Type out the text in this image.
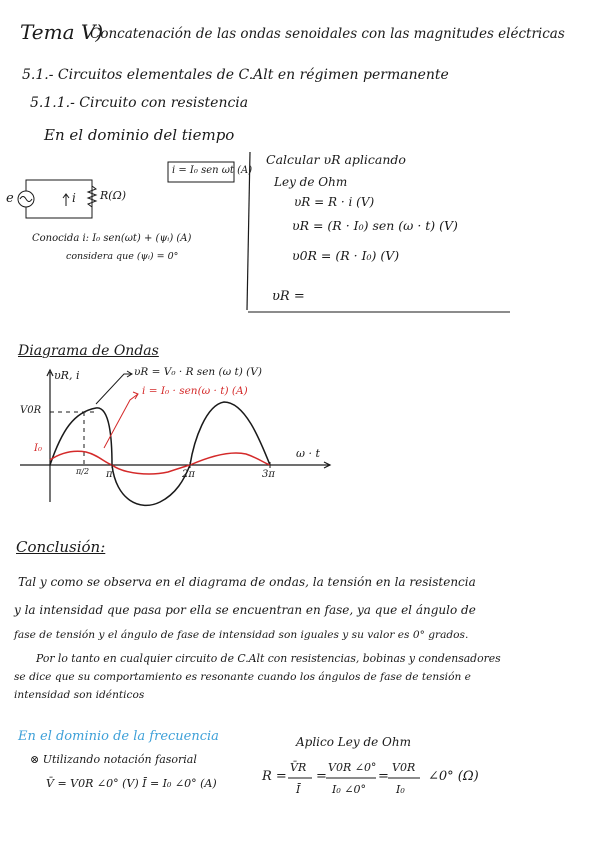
Tema V)
Concatenación de las ondas senoidales con las magnitudes eléctricas
5.1.- Circuitos elementales de C.Alt en régimen permanente
5.1.1.- Circuito con resistencia
En el dominio del tiempo
e	i R(Ω)
i = I₀ sen ωt (A)
Conocida i: I₀ sen(ωt) + (ψᵢ) (A)
considera que (ψᵢ) = 0°
Calcular υR aplicando
Ley de Ohm
υR = R · i (V)
υR = (R · I₀) sen (ω · t) (V)
υ0R = (R · I₀) (V)
υR =
Diagrama de Ondas
υR, i	υR = V₀ · R sen (ω t) (V)
i = I₀ · sen(ω · t) (A)
V0R
I₀	ω · t
π/2 π	2π	3π
Conclusión:
Tal y como se observa en el diagrama de ondas, la tensión en la resistencia
y la intensidad que pasa por ella se encuentran en fase, ya que el ángulo de
fase de tensión y el ángulo de fase de intensidad son iguales y su valor es 0° grados.
Por lo tanto en cualquier circuito de C.Alt con resistencias, bobinas y condensadores
se dice que su comportamiento es resonante cuando los ángulos de fase de tensión e
intensidad son idénticos
En el dominio de la frecuencia
⊗ Utilizando notación fasorial
V̄ = V0R ∠0° (V) Ī = I₀ ∠0° (A)
Aplico Ley de Ohm
R =
V̄R
Ī
=
V0R ∠0°
I₀ ∠0°
=
V0R
I₀
∠0° (Ω)
